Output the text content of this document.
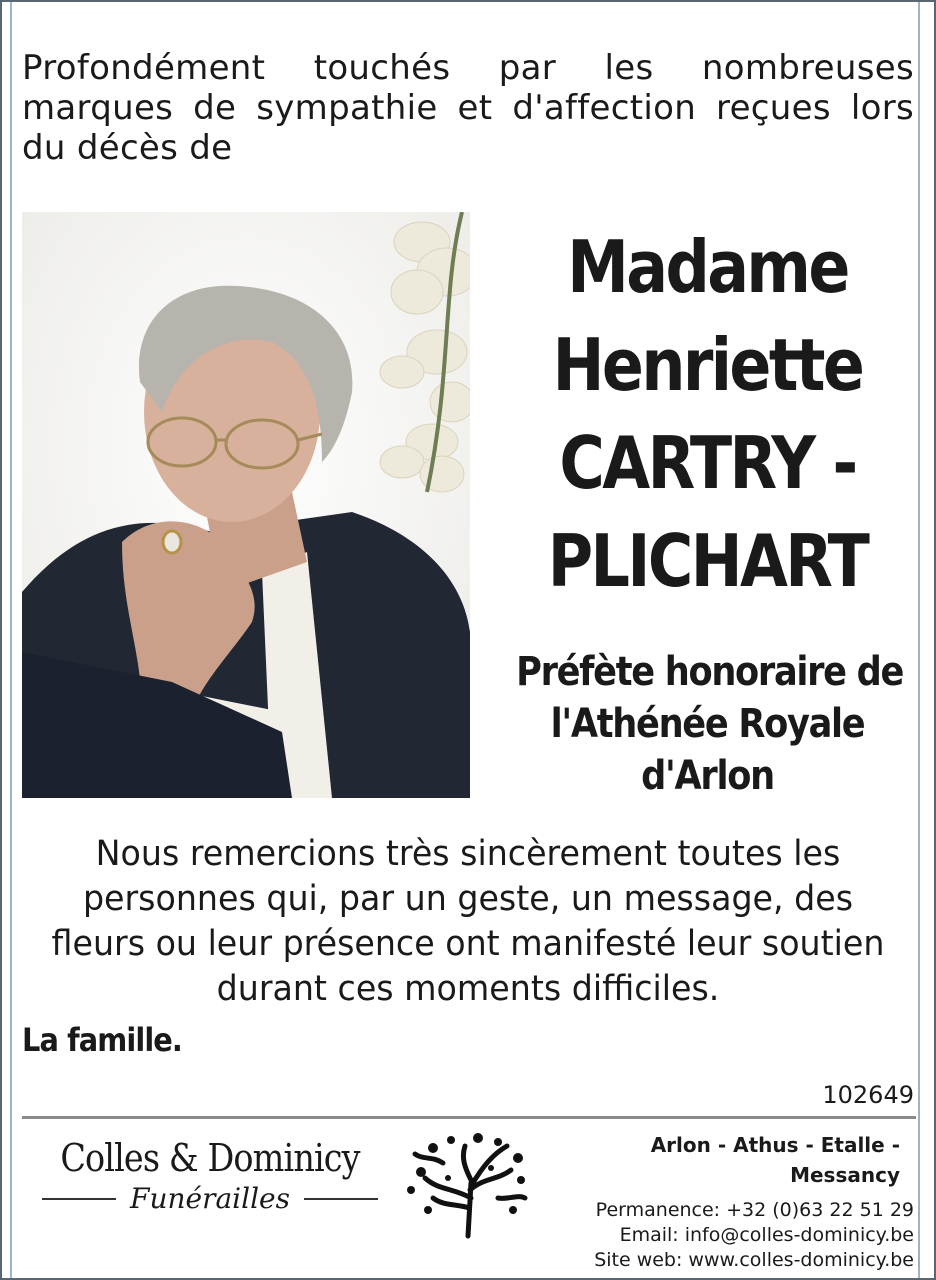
Profondément touchés par les nombreuses marques de sympathie et d'affection reçues lors du décès de
Madame
Henriette
CARTRY -
PLICHART
Préfète honoraire de
l'Athénée Royale
d'Arlon
Nous remercions très sincèrement toutes les
personnes qui, par un geste, un message, des
fleurs ou leur présence ont manifesté leur soutien
durant ces moments difficiles.
La famille.
102649
Colles & Dominicy
Funérailles
Arlon - Athus - Etalle - Messancy
Permanence: +32 (0)63 22 51 29
Email: info@colles-dominicy.be
Site web: www.colles-dominicy.be
